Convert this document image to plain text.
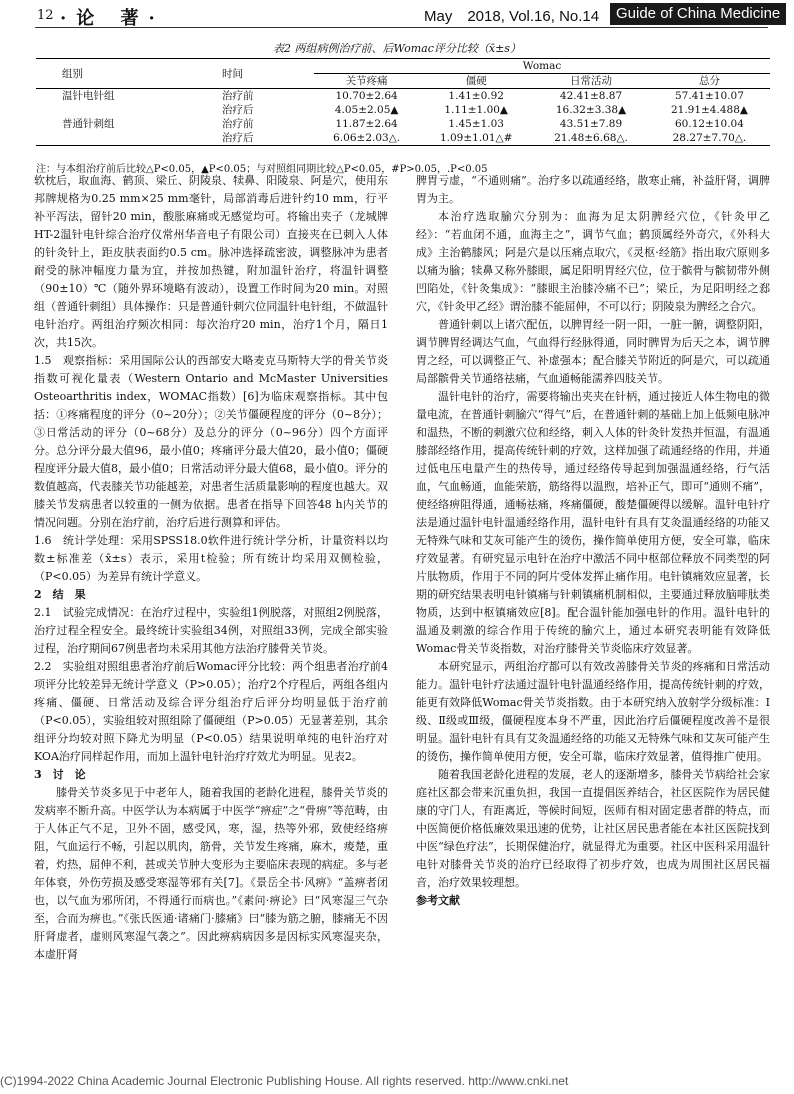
12 ·论 著·	May　2018, Vol.16, No.14	Guide of China Medicine
表2 两组病例治疗前、后Womac评分比较（x̄±s）
组别	时间	Womac			
		关节疼痛	僵硬	日常活动	总分
温针电针组	治疗前	10.70±2.64	1.41±0.92	42.41±8.87	57.41±10.07
	治疗后	4.05±2.05▲	1.11±1.00▲	16.32±3.38▲	21.91±4.488▲
普通针刺组	治疗前	11.87±2.64	1.45±1.03	43.51±7.89	60.12±10.04
	治疗后	6.06±2.03△.	1.09±1.01△#	21.48±6.68△.	28.27±7.70△.
注：与本组治疗前后比较△P<0.05，▲P<0.05；与对照组同期比较△P<0.05，#P>0.05，.P<0.05

软枕后，取血海、鹤顶、梁丘、阴陵泉、犊鼻、阳陵泉、阿是穴，使用东邦牌规格为0.25 mm×25 mm毫针，局部消毒后进针约10 mm，行平补平泻法，留针20 min，酸胀麻痛或无感觉均可。将输出夹子（龙城牌HT-2温针电针综合治疗仪常州华音电子有限公司）直接夹在已刺入人体的针灸针上，距皮肤表面约0.5 cm。脉冲选择疏密波，调整脉冲为患者耐受的脉冲幅度力量为宜，并按加热键，附加温针治疗，将温针调整（90±10）℃（随外界环境略有波动），设置工作时间为20 min。对照组（普通针刺组）具体操作：只是普通针刺穴位同温针电针组，不做温针电针治疗。两组治疗频次相同：每次治疗20 min，治疗1个月，隔日1次，共15次。

1.5　观察指标：采用国际公认的西部安大略麦克马斯特大学的骨关节炎指数可视化量表（Western Ontario and McMaster Universities Osteoarthritis index，WOMAC指数）[6]为临床观察指标。其中包括：①疼痛程度的评分（0~20分）；②关节僵硬程度的评分（0~8分）；③日常活动的评分（0~68分）及总分的评分（0~96分）四个方面评分。总分评分最大值96，最小值0；疼痛评分最大值20，最小值0；僵硬程度评分最大值8，最小值0；日常活动评分最大值68，最小值0。评分的数值越高，代表膝关节功能越差，对患者生活质量影响的程度也越大。双膝关节发病患者以较重的一侧为依据。患者在指导下回答48 h内关节的情况问题。分别在治疗前，治疗后进行测算和评估。

1.6　统计学处理：采用SPSS18.0软件进行统计学分析，计量资料以均数±标准差（x̄±s）表示，采用t检验；所有统计均采用双侧检验，（P<0.05）为差异有统计学意义。

2　结　果

2.1　试验完成情况：在治疗过程中，实验组1例脱落，对照组2例脱落，治疗过程全程安全。最终统计实验组34例，对照组33例，完成全部实验过程，治疗期间67例患者均未采用其他方法治疗膝骨关节炎。

2.2　实验组对照组患者治疗前后Womac评分比较：两个组患者治疗前4项评分比较差异无统计学意义（P>0.05）；治疗2个疗程后，两组各组内疼痛、僵硬、日常活动及综合评分组治疗后评分均明显低于治疗前（P<0.05），实验组较对照组除了僵硬组（P>0.05）无显著差别，其余组评分均较对照下降尤为明显（P<0.05）结果说明单纯的电针治疗对KOA治疗同样起作用，而加上温针电针治疗疗效尤为明显。见表2。

3　讨　论

膝骨关节炎多见于中老年人，随着我国的老龄化进程，膝骨关节炎的发病率不断升高。中医学认为本病属于中医学“痹症”之“骨痹”等范畴，由于人体正气不足，卫外不固，感受风，寒，湿，热等外邪，致使经络痹阻，气血运行不畅，引起以肌肉，筋骨，关节发生疼痛，麻木，痠楚，重着，灼热，屈伸不利，甚或关节肿大变形为主要临床表现的病症。多与老年体衰，外伤劳损及感受寒湿等邪有关[7]。《景岳全书·风痹》“盖痹者闭也，以气血为邪所闭，不得通行而病也。”《素问·痹论》曰“风寒湿三气杂至，合而为痹也。”《张氏医通·诸痛门·膝痛》曰“膝为筋之腑，膝痛无不因肝肾虚者，虚则风寒湿气袭之”。因此痹病病因多是因标实风寒湿夹杂，本虚肝肾

脾胃亏虚，“不通则痛”。治疗多以疏通经络，散寒止痛，补益肝肾，调脾胃为主。

本治疗选取腧穴分别为：血海为足太阴脾经穴位，《针灸甲乙经》：“若血闭不通，血海主之”，调节气血；鹤顶属经外奇穴，《外科大成》主治鹤膝风；阿是穴是以压痛点取穴，《灵枢·经筋》指出取穴原则多以痛为腧；犊鼻又称外膝眼，属足阳明胃经穴位，位于髌骨与髌韧带外侧凹陷处，《针灸集成》：“膝眼主治膝冷痛不已”；梁丘，为足阳明经之郄穴，《针灸甲乙经》谓治膝不能屈伸，不可以行；阴陵泉为脾经之合穴。

普通针刺以上诸穴配伍，以脾胃经一阴一阳，一脏一腑，调整阴阳，调节脾胃经调达气血，气血得行经脉得通，同时脾胃为后天之本，调节脾胃之经，可以调整正气、补虚强本；配合膝关节附近的阿是穴，可以疏通局部髌骨关节通络祛痛，气血通畅能濡养四肢关节。

温针电针的治疗，需要将输出夹夹在针柄，通过接近人体生物电的微量电流，在普通针刺腧穴“得气”后，在普通针刺的基础上加上低频电脉冲和温热，不断的刺激穴位和经络，刺入人体的针灸针发热并恒温，有温通膝部经络作用，提高传统针刺的疗效，这样加强了疏通经络的作用，并通过低电压电量产生的热传导，通过经络传导起到加强温通经络，行气活血，气血畅通，血能荣筋，筋络得以温煦，培补正气，即可“通则不痛”，使经络痹阻得通，通畅祛痛，疼痛僵硬，酸楚僵硬得以缓解。温针电针疗法是通过温针电针温通经络作用，温针电针有具有艾灸温通经络的功能又无特殊气味和艾灰可能产生的烫伤，操作简单使用方便，安全可靠，临床疗效显著。有研究显示电针在治疗中激活不同中枢部位释放不同类型的阿片肽物质，作用于不同的阿片受体发挥止痛作用。电针镇痛效应显著，长期的研究结果表明电针镇痛与针刺镇痛机制相似，主要通过释放脑啡肽类物质，达到中枢镇痛效应[8]。配合温针能加强电针的作用。温针电针的温通及刺激的综合作用于传统的腧穴上，通过本研究表明能有效降低Womac骨关节炎指数，对治疗膝骨关节炎临床疗效显著。

本研究显示，两组治疗都可以有效改善膝骨关节炎的疼痛和日常活动能力。温针电针疗法通过温针电针温通经络作用，提高传统针刺的疗效，能更有效降低Womac骨关节炎指数。由于本研究纳入放射学分级标准：Ⅰ级、Ⅱ级或Ⅲ级，僵硬程度本身不严重，因此治疗后僵硬程度改善不是很明显。温针电针有具有艾灸温通经络的功能又无特殊气味和艾灰可能产生的烫伤，操作简单使用方便，安全可靠，临床疗效显著，值得推广使用。

随着我国老龄化进程的发展，老人的逐渐增多，膝骨关节病给社会家庭社区都会带来沉重负担，我国一直提倡医养结合，社区医院作为居民健康的守门人，有距离近，等候时间短，医师有相对固定患者群的特点，而中医简便价格低廉效果迅速的优势，让社区居民患者能在本社区医院找到中医“绿色疗法”，长期保健治疗，就显得尤为重要。社区中医科采用温针电针对膝骨关节炎的治疗已经取得了初步疗效，也成为周围社区居民福音，治疗效果较理想。

参考文献
(C)1994-2022 China Academic Journal Electronic Publishing House. All rights reserved. http://www.cnki.net
